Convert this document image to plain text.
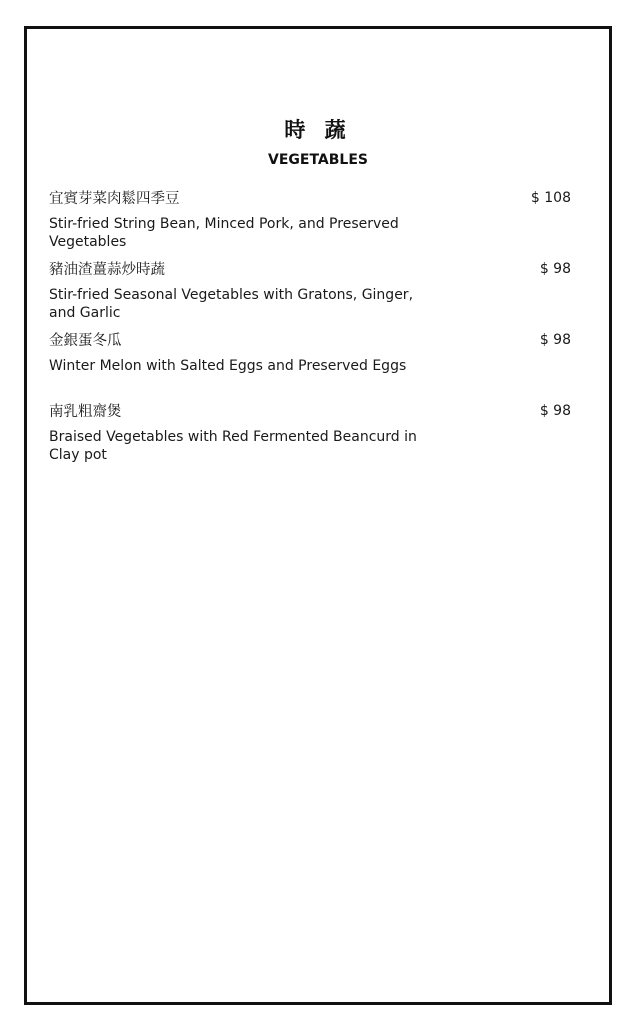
時 蔬
VEGETABLES
宜賓芽菜肉鬆四季豆
Stir-fried String Bean, Minced Pork, and Preserved Vegetables
$ 108
豬油渣薑蒜炒時蔬
Stir-fried Seasonal Vegetables with Gratons, Ginger, and Garlic
$ 98
金銀蛋冬瓜
Winter Melon with Salted Eggs and Preserved Eggs
$ 98
南乳粗齋煲
Braised Vegetables with Red Fermented Beancurd in Clay pot
$ 98
